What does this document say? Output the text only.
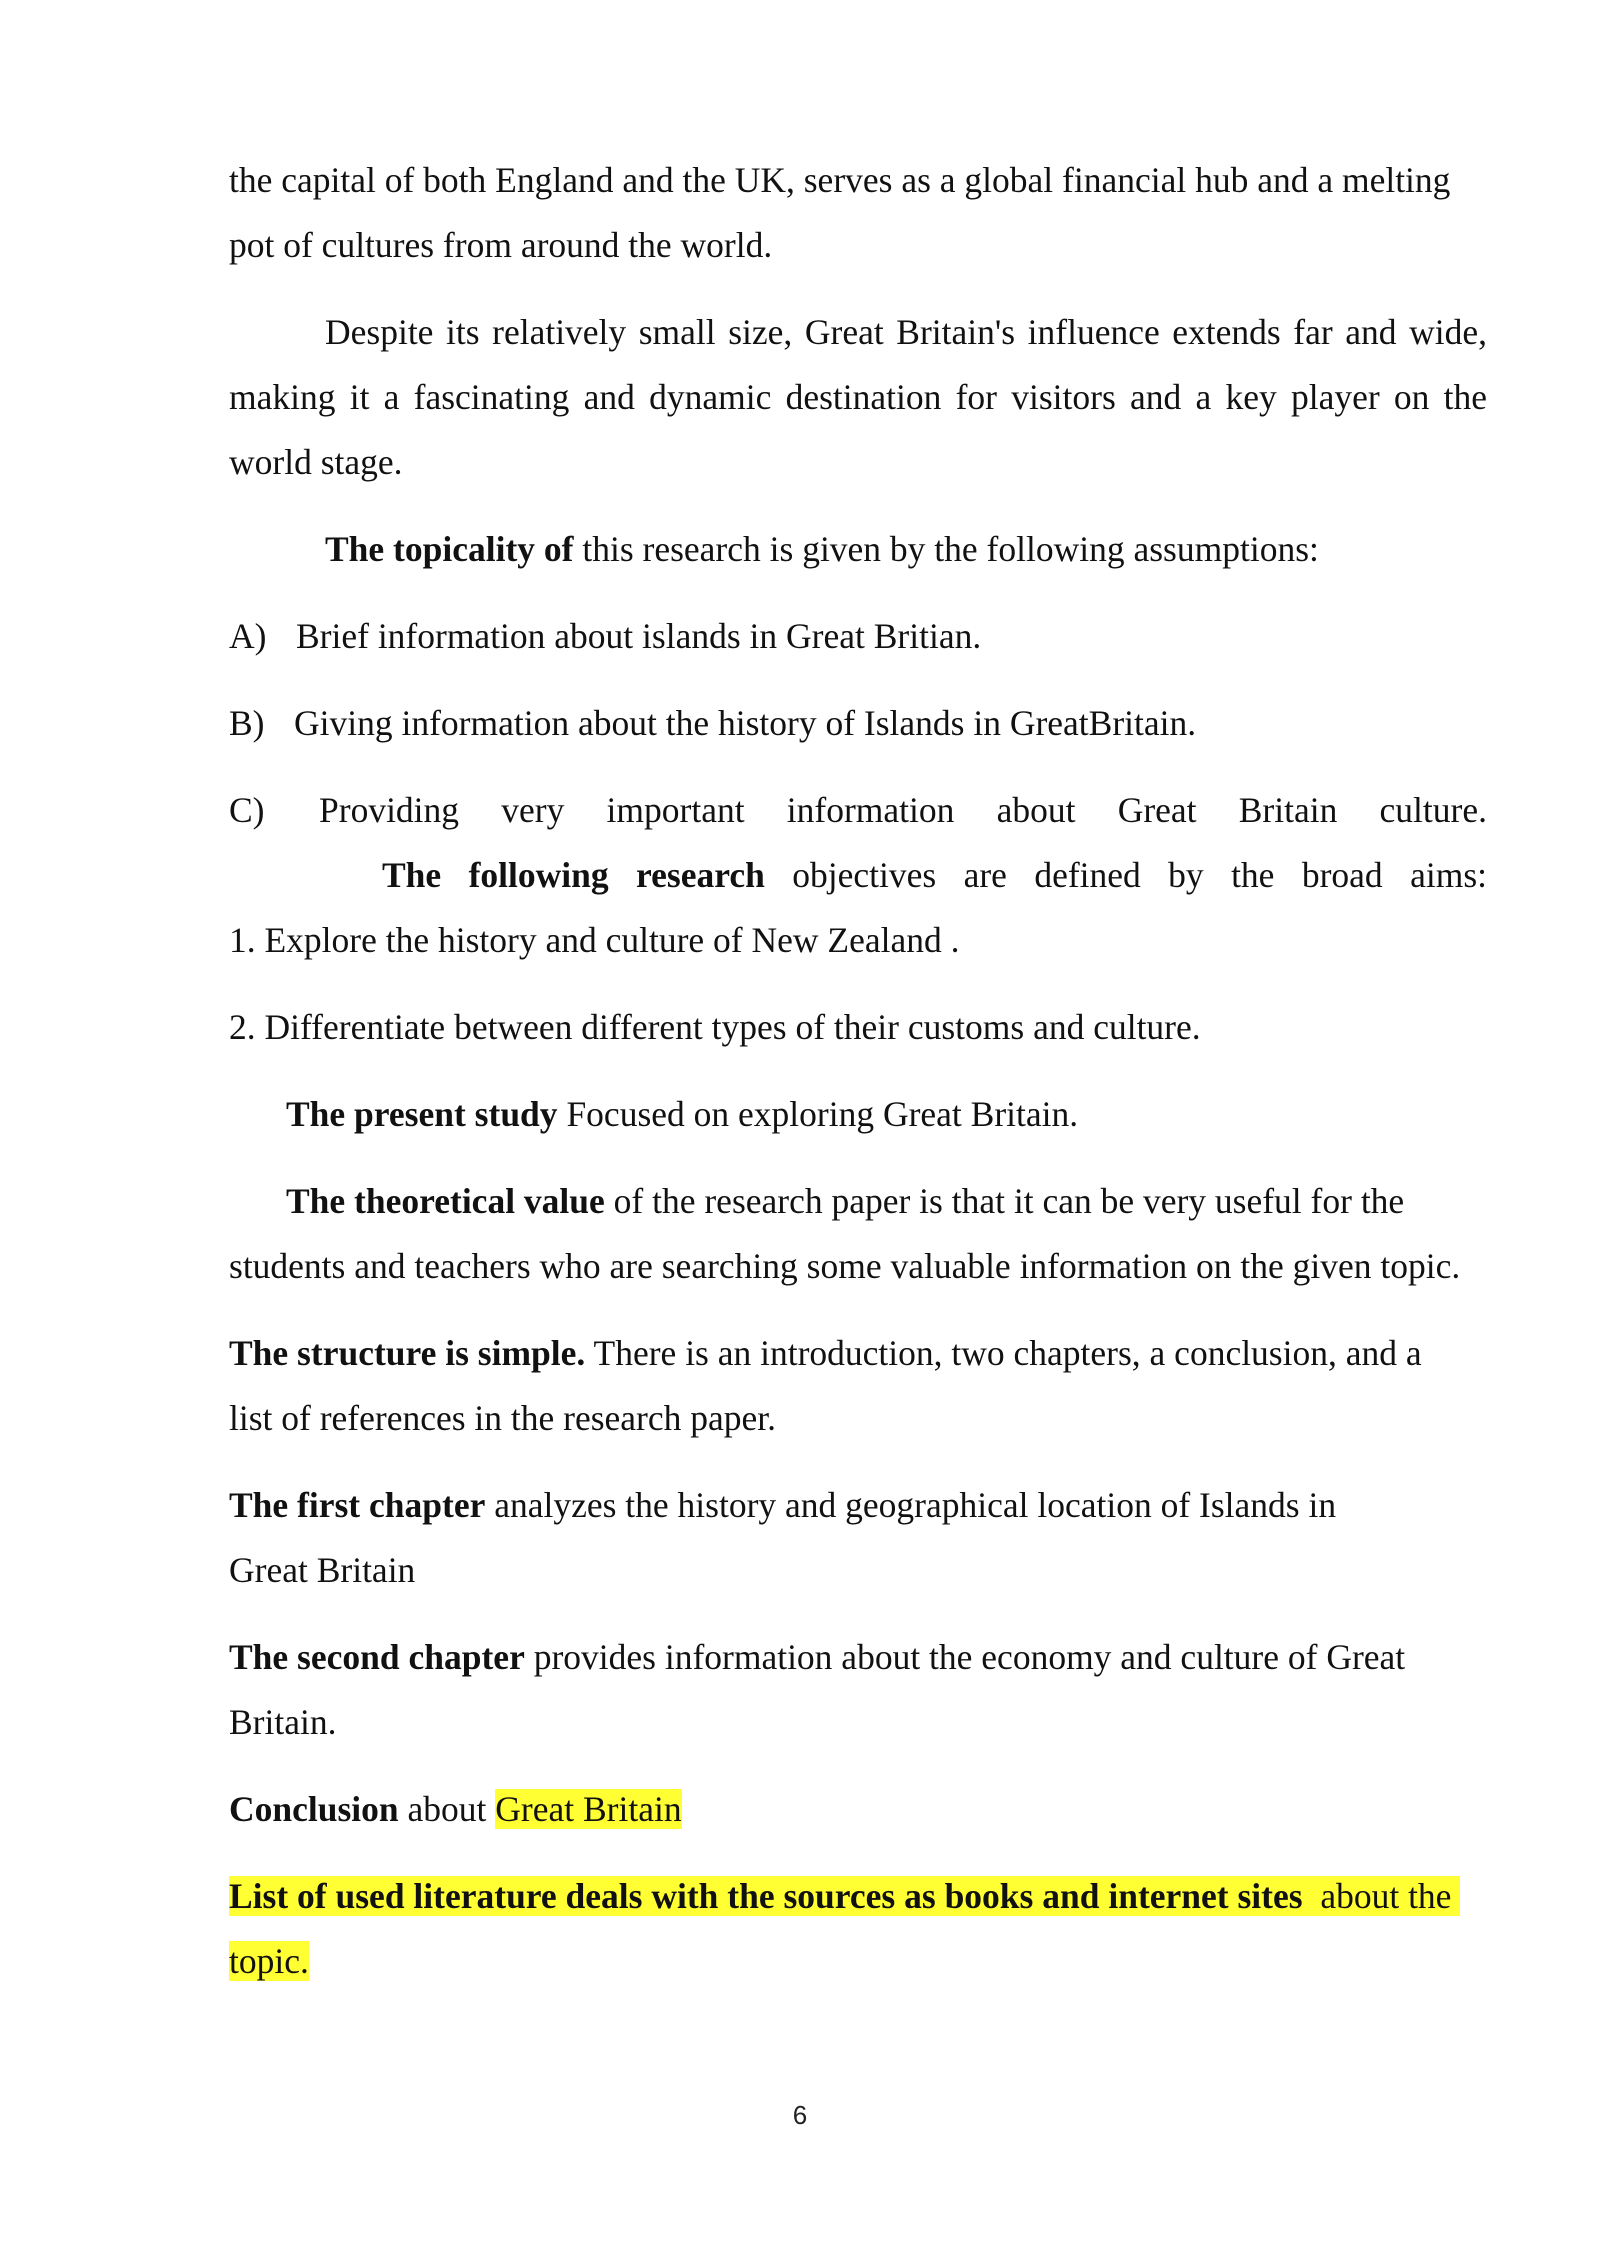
the capital of both England and the UK, serves as a global financial hub and a melting pot of cultures from around the world.

Despite its relatively small size, Great Britain's influence extends far and wide, making it a fascinating and dynamic destination for visitors and a key player on the world stage.

The topicality of this research is given by the following assumptions:

A) Brief information about islands in Great Britian.

B) Giving information about the history of Islands in GreatBritain.

C) Providing very important information about Great Britain culture.

The following research objectives are defined by the broad aims:
1. Explore the history and culture of New Zealand .

2. Differentiate between different types of their customs and culture.

The present study Focused on exploring Great Britain.

The theoretical value of the research paper is that it can be very useful for the students and teachers who are searching some valuable information on the given topic.

The structure is simple. There is an introduction, two chapters, a conclusion, and a list of references in the research paper.

The first chapter analyzes the history and geographical location of Islands in Great Britain

The second chapter provides information about the economy and culture of Great Britain.

Conclusion about Great Britain

List of used literature deals with the sources as books and internet sites  about the topic.

6
